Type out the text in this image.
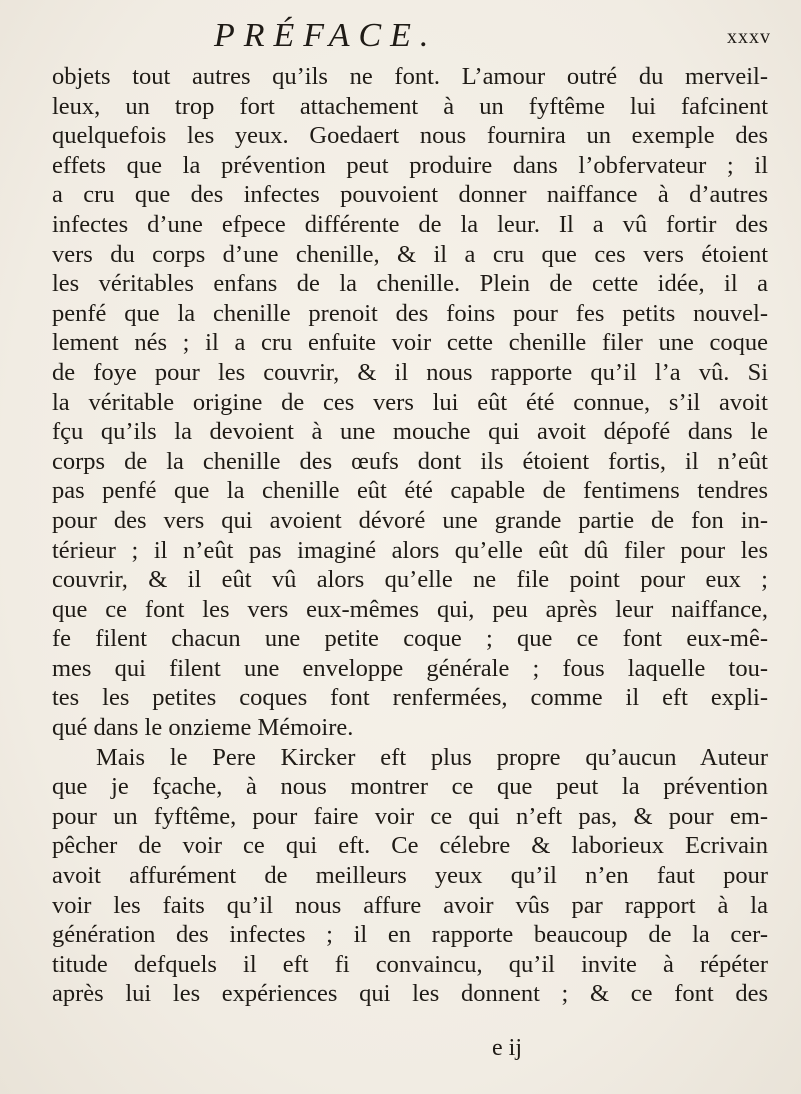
PRÉFACE.	xxxv
objets tout autres qu’ils ne font. L’amour outré du merveil-
leux, un trop fort attachement à un fyftême lui fafcinent
quelquefois les yeux. Goedaert nous fournira un exemple des
effets que la prévention peut produire dans l’obfervateur ; il
a cru que des infectes pouvoient donner naiffance à d’autres
infectes d’une efpece différente de la leur. Il a vû fortir des
vers du corps d’une chenille, & il a cru que ces vers étoient
les véritables enfans de la chenille. Plein de cette idée, il a
penfé que la chenille prenoit des foins pour fes petits nouvel-
lement nés ; il a cru enfuite voir cette chenille filer une coque
de foye pour les couvrir, & il nous rapporte qu’il l’a vû. Si
la véritable origine de ces vers lui eût été connue, s’il avoit
fçu qu’ils la devoient à une mouche qui avoit dépofé dans le
corps de la chenille des œufs dont ils étoient fortis, il n’eût
pas penfé que la chenille eût été capable de fentimens tendres
pour des vers qui avoient dévoré une grande partie de fon in-
térieur ; il n’eût pas imaginé alors qu’elle eût dû filer pour les
couvrir, & il eût vû alors qu’elle ne file point pour eux ;
que ce font les vers eux-mêmes qui, peu après leur naiffance,
fe filent chacun une petite coque ; que ce font eux-mê-
mes qui filent une enveloppe générale ; fous laquelle tou-
tes les petites coques font renfermées, comme il eft expli-
qué dans le onzieme Mémoire.
Mais le Pere Kircker eft plus propre qu’aucun Auteur
que je fçache, à nous montrer ce que peut la prévention
pour un fyftême, pour faire voir ce qui n’eft pas, & pour em-
pêcher de voir ce qui eft. Ce célebre & laborieux Ecrivain
avoit affurément de meilleurs yeux qu’il n’en faut pour
voir les faits qu’il nous affure avoir vûs par rapport à la
génération des infectes ; il en rapporte beaucoup de la cer-
titude defquels il eft fi convaincu, qu’il invite à répéter
après lui les expériences qui les donnent ; & ce font des
e ij
